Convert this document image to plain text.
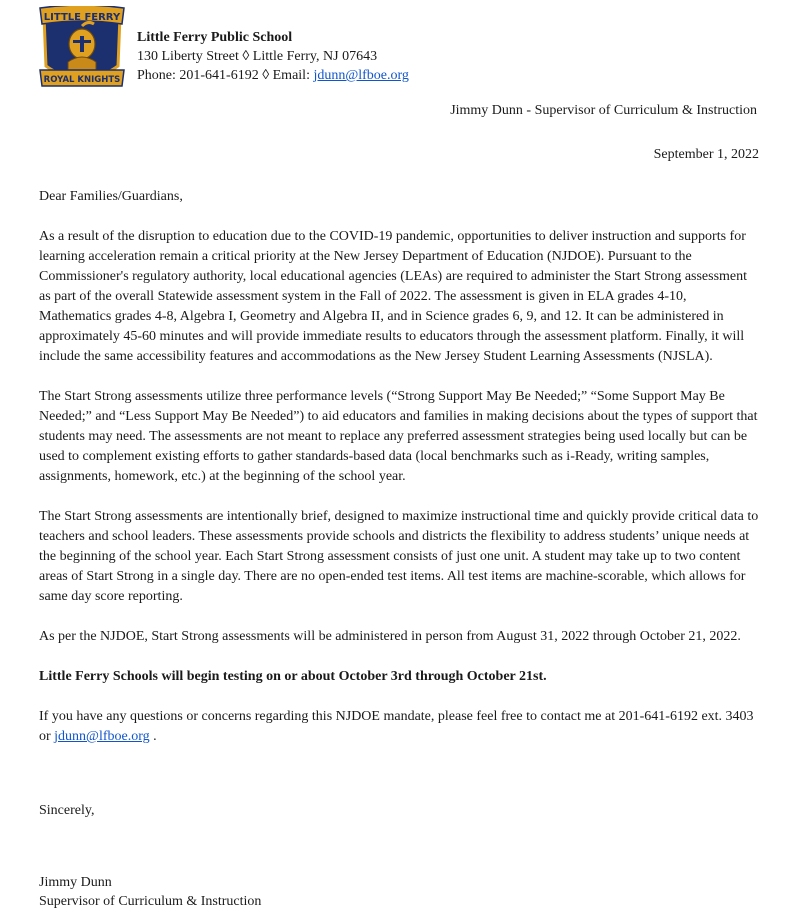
LITTLE FERRY
ROYAL KNIGHTS
Little Ferry Public School
130 Liberty Street ◊ Little Ferry, NJ 07643
Phone: 201-641-6192 ◊ Email: jdunn@lfboe.org
Jimmy Dunn - Supervisor of Curriculum & Instruction
September 1, 2022
Dear Families/Guardians,
As a result of the disruption to education due to the COVID-19 pandemic, opportunities to deliver instruction and supports for learning acceleration remain a critical priority at the New Jersey Department of Education (NJDOE). Pursuant to the Commissioner's regulatory authority, local educational agencies (LEAs) are required to administer the Start Strong assessment as part of the overall Statewide assessment system in the Fall of 2022. The assessment is given in ELA grades 4-10, Mathematics grades 4-8, Algebra I, Geometry and Algebra II, and in Science grades 6, 9, and 12. It can be administered in approximately 45-60 minutes and will provide immediate results to educators through the assessment platform. Finally, it will include the same accessibility features and accommodations as the New Jersey Student Learning Assessments (NJSLA).
The Start Strong assessments utilize three performance levels (“Strong Support May Be Needed;” “Some Support May Be Needed;” and “Less Support May Be Needed”) to aid educators and families in making decisions about the types of support that students may need. The assessments are not meant to replace any preferred assessment strategies being used locally but can be used to complement existing efforts to gather standards-based data (local benchmarks such as i-Ready, writing samples, assignments, homework, etc.) at the beginning of the school year.
The Start Strong assessments are intentionally brief, designed to maximize instructional time and quickly provide critical data to teachers and school leaders. These assessments provide schools and districts the flexibility to address students’ unique needs at the beginning of the school year. Each Start Strong assessment consists of just one unit. A student may take up to two content areas of Start Strong in a single day. There are no open-ended test items. All test items are machine-scorable, which allows for same day score reporting.
As per the NJDOE, Start Strong assessments will be administered in person from August 31, 2022 through October 21, 2022.
Little Ferry Schools will begin testing on or about October 3rd through October 21st.
If you have any questions or concerns regarding this NJDOE mandate, please feel free to contact me at 201-641-6192 ext. 3403 or jdunn@lfboe.org .
Sincerely,
Jimmy Dunn
Supervisor of Curriculum & Instruction
